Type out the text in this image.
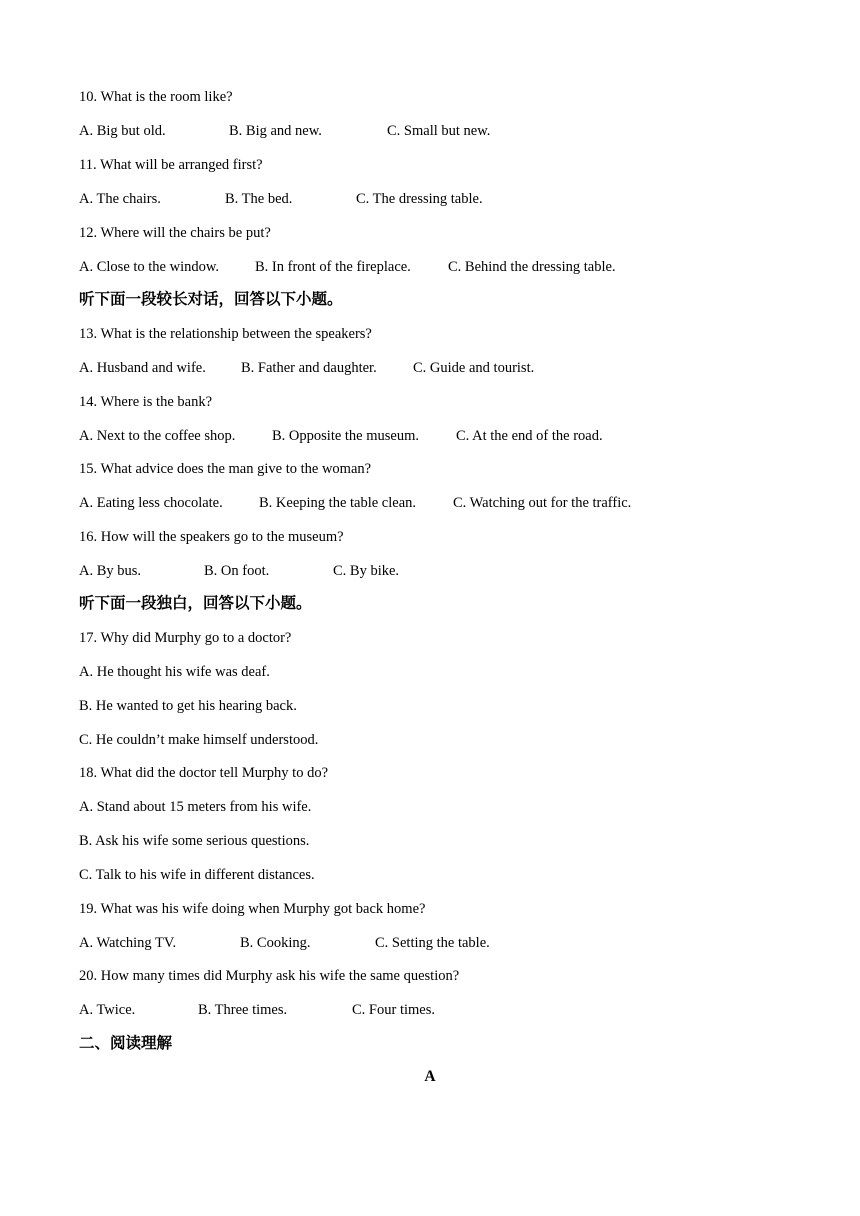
10. What is the room like?
A. Big but old.	B. Big and new.	C. Small but new.
11. What will be arranged first?
A. The chairs.	B. The bed.	C. The dressing table.
12. Where will the chairs be put?
A. Close to the window.	B. In front of the fireplace.	C. Behind the dressing table.
听下面一段较长对话，回答以下小题。
13. What is the relationship between the speakers?
A. Husband and wife.	B. Father and daughter.	C. Guide and tourist.
14. Where is the bank?
A. Next to the coffee shop.	B. Opposite the museum.	C. At the end of the road.
15. What advice does the man give to the woman?
A. Eating less chocolate.	B. Keeping the table clean.	C. Watching out for the traffic.
16. How will the speakers go to the museum?
A. By bus.	B. On foot.	C. By bike.
听下面一段独白，回答以下小题。
17. Why did Murphy go to a doctor?
A. He thought his wife was deaf.
B. He wanted to get his hearing back.
C. He couldn’t make himself understood.
18. What did the doctor tell Murphy to do?
A. Stand about 15 meters from his wife.
B. Ask his wife some serious questions.
C. Talk to his wife in different distances.
19. What was his wife doing when Murphy got back home?
A. Watching TV.	B. Cooking.	C. Setting the table.
20. How many times did Murphy ask his wife the same question?
A. Twice.	B. Three times.	C. Four times.
二、阅读理解
A
